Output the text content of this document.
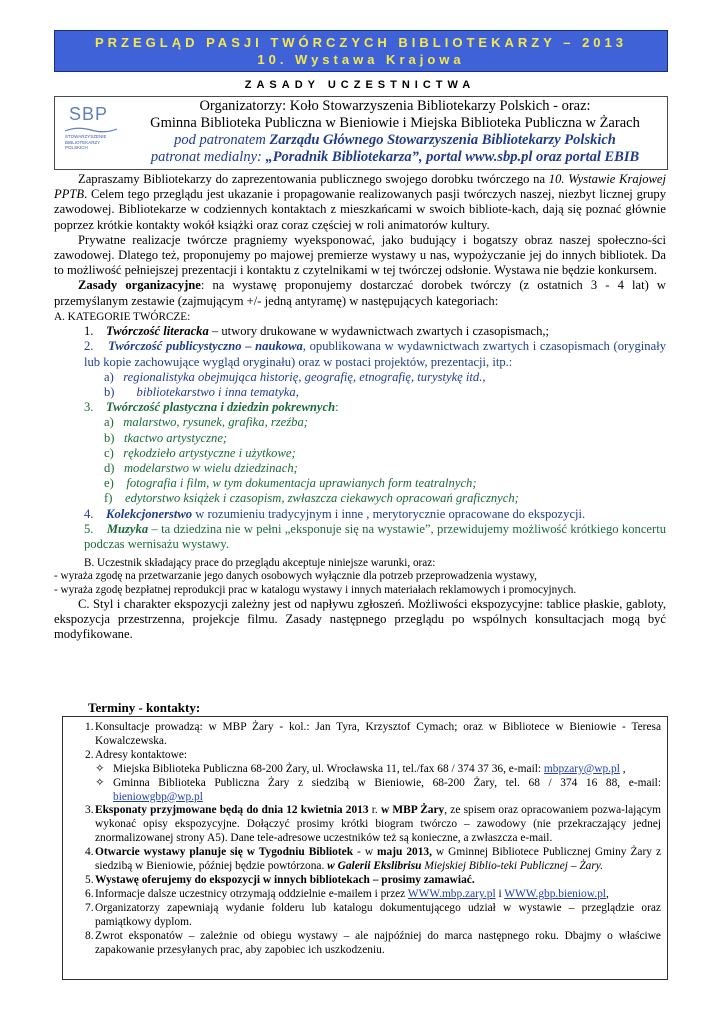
PRZEGLĄD PASJI TWÓRCZYCH BIBLIOTEKARZY – 2013
10. Wystawa Krajowa
ZASADY UCZESTNICTWA
SBP
STOWARZYSZENIE BIBLIOTEKARZY POLSKICH
Organizatorzy: Koło Stowarzyszenia Bibliotekarzy Polskich - oraz:
Gminna Biblioteka Publiczna w Bieniowie i Miejska Biblioteka Publiczna w Żarach
pod patronatem Zarządu Głównego Stowarzyszenia Bibliotekarzy Polskich
patronat medialny: „Poradnik Bibliotekarza”, portal www.sbp.pl oraz portal EBIB

Zapraszamy Bibliotekarzy do zaprezentowania publicznego swojego dorobku twórczego na 10. Wystawie Krajowej PPTB. Celem tego przeglądu jest ukazanie i propagowanie realizowanych pasji twórczych naszej, niezbyt licznej grupy zawodowej. Bibliotekarze w codziennych kontaktach z mieszkańcami w swoich bibliote-kach, dają się poznać głównie poprzez krótkie kontakty wokół książki oraz coraz częściej w roli animatorów kultury.

Prywatne realizacje twórcze pragniemy wyeksponować, jako budujący i bogatszy obraz naszej społeczno-ści zawodowej. Dlatego też, proponujemy po majowej premierze wystawy u nas, wypożyczanie jej do innych bibliotek. Da to możliwość pełniejszej prezentacji i kontaktu z czytelnikami w tej twórczej odsłonie. Wystawa nie będzie konkursem.

Zasady organizacyjne: na wystawę proponujemy dostarczać dorobek twórczy (z ostatnich 3 - 4 lat) w przemyślanym zestawie (zajmującym +/- jedną antyramę) w następujących kategoriach:

A. KATEGORIE TWÓRCZE:
1.    Twórczość literacka – utwory drukowane w wydawnictwach zwartych i czasopismach,;
2.    Twórczość publicystyczno – naukowa, opublikowana w wydawnictwach zwartych i czasopismach (oryginały lub kopie zachowujące wygląd oryginału) oraz w postaci projektów, prezentacji, itp.:
a) regionalistyka obejmująca historię, geografię, etnografię, turystykę itd.,
b) bibliotekarstwo i inna tematyka,
3.    Twórczość plastyczna i dziedzin pokrewnych:
a) malarstwo, rysunek, grafika, rzeźba;
b) tkactwo artystyczne;
c) rękodzieło artystyczne i użytkowe;
d) modelarstwo w wielu dziedzinach;
e) fotografia i film, w tym dokumentacja uprawianych form teatralnych;
f) edytorstwo książek i czasopism, zwłaszcza ciekawych opracowań graficznych;
4.    Kolekcjonerstwo w rozumieniu tradycyjnym i inne , merytorycznie opracowane do ekspozycji.
5.    Muzyka – ta dziedzina nie w pełni „eksponuje się na wystawie”, przewidujemy możliwość krótkiego koncertu podczas wernisażu wystawy.
B. Uczestnik składający prace do przeglądu akceptuje niniejsze warunki, oraz:
- wyraża zgodę na przetwarzanie jego danych osobowych wyłącznie dla potrzeb przeprowadzenia wystawy,
- wyraża zgodę bezpłatnej reprodukcji prac w katalogu wystawy i innych materiałach reklamowych i promocyjnych.

C. Styl i charakter ekspozycji zależny jest od napływu zgłoszeń. Możliwości ekspozycyjne: tablice płaskie, gabloty, ekspozycja przestrzenna, projekcje filmu. Zasady następnego przeglądu po wspólnych konsultacjach mogą być modyfikowane.

Terminy - kontakty:
1. Konsultacje prowadzą: w MBP Żary - kol.: Jan Tyra, Krzysztof Cymach; oraz w Bibliotece w Bieniowie - Teresa Kowalczewska.
2. Adresy kontaktowe:
✧ Miejska Biblioteka Publiczna 68-200 Żary, ul. Wrocławska 11, tel./fax 68 / 374 37 36, e-mail: mbpzary@wp.pl ,
✧ Gminna Biblioteka Publiczna Żary z siedzibą w Bieniowie, 68-200 Żary, tel. 68 / 374 16 88, e-mail: bieniowgbp@wp.pl
3. Eksponaty przyjmowane będą do dnia 12 kwietnia 2013 r. w MBP Żary, ze spisem oraz opracowaniem pozwa-lającym wykonać opisy ekspozycyjne. Dołączyć prosimy krótki biogram twórczo – zawodowy (nie przekraczający jednej znormalizowanej strony A5). Dane tele-adresowe uczestników też są konieczne, a zwłaszcza e-mail.
4. Otwarcie wystawy planuje się w Tygodniu Bibliotek - w maju 2013, w Gminnej Bibliotece Publicznej Gminy Żary z siedzibą w Bieniowie, później będzie powtórzona. w Galerii Ekslibrisu Miejskiej Biblio-teki Publicznej – Żary.
5. Wystawę oferujemy do ekspozycji w innych bibliotekach – prosimy zamawiać.
6. Informacje dalsze uczestnicy otrzymają oddzielnie e-mailem i przez WWW.mbp.zary.pl i WWW.gbp.bieniow.pl,
7. Organizatorzy zapewniają wydanie folderu lub katalogu dokumentującego udział w wystawie – przeglądzie oraz pamiątkowy dyplom.
8. Zwrot eksponatów – zależnie od obiegu wystawy – ale najpóźniej do marca następnego roku. Dbajmy o właściwe zapakowanie przesyłanych prac, aby zapobiec ich uszkodzeniu.
